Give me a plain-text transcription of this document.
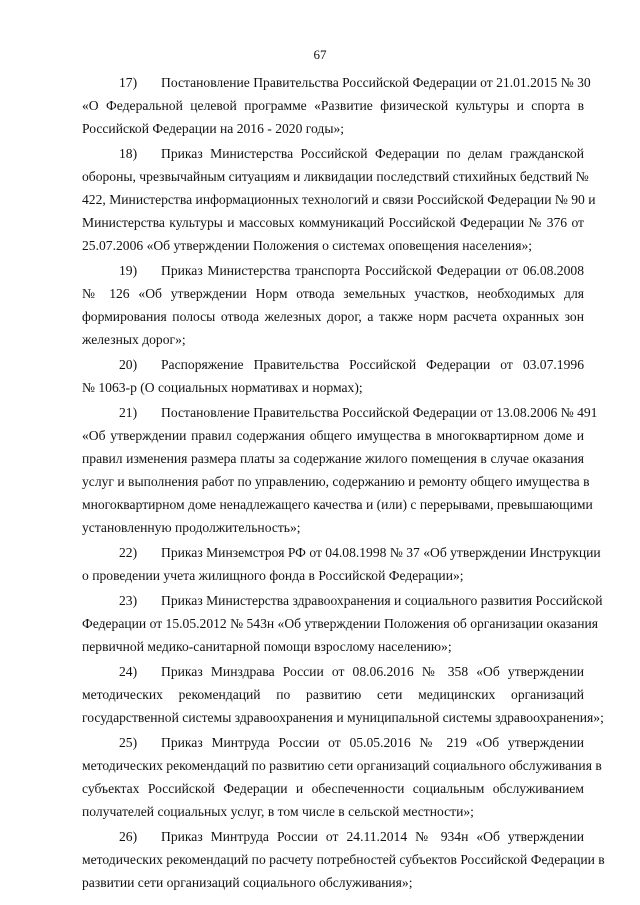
67

17) Постановление Правительства Российской Федерации от 21.01.2015 № 30

«О Федеральной целевой программе «Развитие физической культуры и спорта в

Российской Федерации на 2016 - 2020 годы»;

18) Приказ Министерства Российской Федерации по делам гражданской

обороны, чрезвычайным ситуациям и ликвидации последствий стихийных бедствий №

422, Министерства информационных технологий и связи Российской Федерации № 90 и

Министерства культуры и массовых коммуникаций Российской Федерации № 376 от

25.07.2006 «Об утверждении Положения о системах оповещения населения»;

19) Приказ Министерства транспорта Российской Федерации от 06.08.2008

№ 126 «Об утверждении Норм отвода земельных участков, необходимых для

формирования полосы отвода железных дорог, а также норм расчета охранных зон

железных дорог»;

20) Распоряжение Правительства Российской Федерации от 03.07.1996

№ 1063-р (О социальных нормативах и нормах);

21) Постановление Правительства Российской Федерации от 13.08.2006 № 491

«Об утверждении правил содержания общего имущества в многоквартирном доме и

правил изменения размера платы за содержание жилого помещения в случае оказания

услуг и выполнения работ по управлению, содержанию и ремонту общего имущества в

многоквартирном доме ненадлежащего качества и (или) с перерывами, превышающими

установленную продолжительность»;

22) Приказ Минземстроя РФ от 04.08.1998 № 37 «Об утверждении Инструкции

о проведении учета жилищного фонда в Российской Федерации»;

23) Приказ Министерства здравоохранения и социального развития Российской

Федерации от 15.05.2012 № 543н «Об утверждении Положения об организации оказания

первичной медико-санитарной помощи взрослому населению»;

24) Приказ Минздрава России от 08.06.2016 № 358 «Об утверждении

методических рекомендаций по развитию сети медицинских организаций

государственной системы здравоохранения и муниципальной системы здравоохранения»;

25) Приказ Минтруда России от 05.05.2016 № 219 «Об утверждении

методических рекомендаций по развитию сети организаций социального обслуживания в

субъектах Российской Федерации и обеспеченности социальным обслуживанием

получателей социальных услуг, в том числе в сельской местности»;

26) Приказ Минтруда России от 24.11.2014 № 934н «Об утверждении

методических рекомендаций по расчету потребностей субъектов Российской Федерации в

развитии сети организаций социального обслуживания»;
